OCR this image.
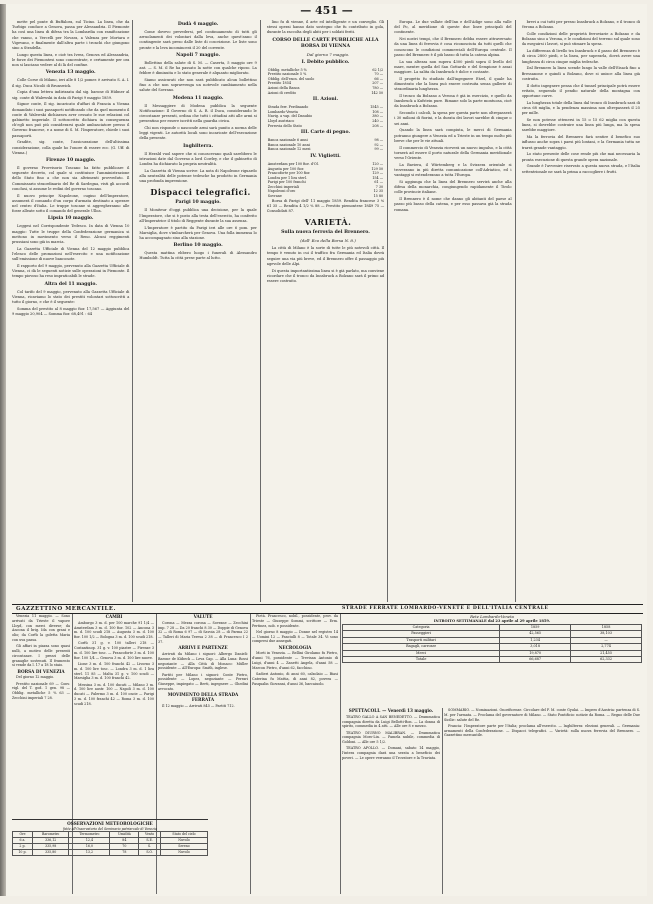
— 451 —

mette pel ponte di Buffalora, sul Ticino. La linea, che da Turbigo conduce a Genova, passa per Alessandria. Il Piemonte ha così una linea di difesa tra la Lombardia con ramificazione che vanno, a Vercelli per Novara, a Valenza per Mortara e Vigevano, e finalmente dall'altra parte i tronchi che giungono sino a Stradella.

Lungo questa linea, e cioè tra Ivrea, Genova ed Alessandria, le forze dei Piemontesi sono concentrate, e certamente per ora non si lasciano vedere al di là del confine.

Venezia 13 maggio.

Colle Corse di Milano, ieri alle 8 1/2 pomer. è arrivato S. A. I. il sig. Duca Nicolò di Brunswick.

Copia d'una lettera indirizzata dal sig. barone di Hübner al sig. conte di Walewski in data di Parigi 9 maggio 1859.

Signor conte, Il sig. incaricato d'affari di Francia a Vienna domandato i suoi passaporti notificando che da quel momento il conte di Walewski dichiarava aver cessato le sue relazioni col gabinetto imperiale. Il sottoscritto dichiara in conseguenza ch'egli non può più considerarsi quale ambasciatore presso il Governo francese, e a nome di S. M. l'Imperatore, chiede i suoi passaporti.

Gradite, sig. conte, l'assicurazione dell'altissima considerazione, colla quale ho l'onore di essere ecc. (G. Uff. di Vienna.)

Firenze 10 maggio.

Il governo Provvisorio Toscano ha fatto pubblicare il seguente decreto, col quale si costituisce l'amministrazione dello Stato fino a che non sia altrimenti provveduto. Il Commissario straordinario del Re di Sardegna, visti gli accordi conclusi, si assume le redini del governo toscano.

Il nuovo principe Napoleone, cugino dell'Imperatore, assumerà il comando d'un corpo d'armata destinato a operare nel centro d'Italia. Le truppe toscane si aggregheranno alle forze alleate sotto il comando del generale Ulloa.

Lipsia 10 maggio.

Leggesi nel Corrispondente Tedesco. In data di Vienna 10 maggio: Tutte le truppe della Confederazione germanica si mettono in movimento verso il Reno. Alcuni reggimenti prussiani sono già in marcia.

La Gazzetta Ufficiale di Vienna del 12 maggio pubblica l'elenco delle promozioni nell'esercito e una notificazione sull'emissione di nuove banconote.

Il rapporto del 9 maggio, pervenuto alla Gazzetta Ufficiale di Vienna, ci dà le seguenti notizie sulle operazioni in Piemonte. Il tempo piovoso ha reso impraticabili le strade.

Altra del 11 maggio.

Col tarifo del 9 maggio, pervenuto alla Gazzetta Ufficiale di Vienna, ricaviamo lo stato dei prestiti volontari sottoscritti a tutto il giorno, e che è il seguente:

Somma del prestito al 8 maggio fior. 17,567 — Aggiunta del 9 maggio 20,904 — Somma fior. 68,491 : 64

Dudà 4 maggio.

Come dovevo prevedersi, pel continuamento di tutti gli arruolamenti dei volontari dalla leva, anche quest'anno il contingente sarà preso dalle liste di coscrizione. Le liste sono pronte e la leva incomincerà il 20 del corrente.

Napoli 7 maggio.

Bollettino della salute di S. M. — Caserta, 5 maggio ore 9 ant. — S. M. il Re ha passato la notte con qualche riposo. La febbre è diminuita e lo stato generale è alquanto migliorato.

Siamo assicurati che non sarà pubblicato alcun bollettino fino a che non sopravvenga un notevole cambiamento nella salute del Sovrano.

Modena 11 maggio.

Il Messaggiere di Modena pubblica la seguente Notificazione: Il Governo di S. A. R. il Duca, considerando le circostanze presenti, ordina che tutti i cittadini atti alle armi si presentino per essere iscritti nella guardia civica.

Chi non risponde o nasconde armi sarà punito a norma delle leggi vigenti. Le autorità locali sono incaricate dell'esecuzione della presente.

Inghilterra.

Il Herald vuol sapere che si conoscevano quali sarebbero le istruzioni date dal Governo a lord Cowley, e che il gabinetto di Londra ha dichiarato la propria neutralità.

La Gazzetta di Vienna scrive: La nota di Napoleone riguardo alla neutralità delle potenze tedesche ha prodotto in Germania una profonda impressione.

Dispacci telegrafici.

Parigi 10 maggio.

Il Moniteur d'oggi pubblica una decisione, per la quale l'Imperatore, che si è posto alla testa dell'esercito, ha conferito all'Imperatrice il titolo di Reggente durante la sua assenza.

L'Imperatore è partito da Parigi ieri alle ore 6 pom. per Marsiglia, dove s'imbarcherà per Genova. Una folla immensa lo ha accompagnato sino alla stazione.

Berlino 10 maggio.

Questa mattina ebbero luogo i funerali di Alessandro Humboldt. Tutta la città prese parte al lutto.

lino fu di vienne, il arte ed intelligente e un conveglio. Gli stessi operai hanno dato sostegno che fu contributo in gola, durante la raccolta degli abiti per i soldati feriti.

CORSO DELLE CARTE PUBBLICHE ALLA BORSA DI VIENNA

Dal giorno 7 maggio.

I. Debito pubblico.

Obblig. metalliche 5 %	62 1/2
Prestito nazionale 5 %	70 —
Obblig. dell'eson. del suolo	66 —
Prestito 1854	207 —
Azioni della Banca	780 —
Azioni di credito	142 50

II. Azioni.

Strada ferr. Ferdinando	1545 —
Lombardo-Veneta	108 —
Navig. a vap. del Danubio	380 —
Lloyd austriaco	240 —
Ferrovia dello Stato	208 —

III. Carte di pegno.

Banca nazionale 6 anni	98 —
Banca nazionale 10 anni	92 —
Banca nazionale 12 mesi	99 —

IV. Viglietti.

Amsterdam per 100 fior. d'Ol.	120 —
Augusta per 100 fior.	129 50
Francoforte per 100 fior.	129 —
Londra per 1 lira sterl.	154 —
Parigi per 100 franchi	61 —
Zecchini imperiali	7 30
Napoleoni d'oro	12 35
Sovrane	15 80

Borsa di Parigi dell' 11 maggio 1859. Rendita francese 3 % 61 35 — Rendita 4 1/2 % 88 — Prestito piemontese 1849 75 — Consolidati 87.

VARIETÀ.

Sulla nuova ferrovia del Brennero.

(dall' Eco della Borsa N. 8.)

La città di Milano è la sorte di tutte le più notevoli città. Il tempo è venuto in cui il traffico fra Germania ed Italia dovrà seguire una via più breve, ed il Brennero offre il passaggio più agevole delle Alpi.

Di questa importantissima linea si è già parlato, ma conviene ricordare che il tronco da Innsbruck a Bolzano sarà il primo ad essere costruito.

Europa. Le due vallate dell'Inn e dell'Adige sono alla valle del Po, al meridione di queste due linee principali del continente.

Nei nostri tempi, che il Brennero debba essere attraversato da una linea di ferrovia è cosa riconosciuta da tutti quelli che conoscono le condizioni commerciali dell'Europa centrale. Il passo del Brennero è il più basso di tutta la catena alpina.

La sua altezza non supera 4300 piedi sopra il livello del mare, mentre quella del San Gottardo e del Sempione è assai maggiore. La salita da Innsbruck è dolce e costante.

Il progetto fu studiato dall'ingegnere Etzel, il quale ha dimostrato che la linea può essere costruita senza gallerie di straordinaria lunghezza.

Il tronco da Bolzano a Verona è già in esercizio, e quello da Innsbruck a Kufstein pure. Rimane solo la parte montuosa, cioè da Innsbruck a Bolzano.

Secondo i calcoli, la spesa per questa parte non oltrepasserà i 30 milioni di fiorini, e la durata dei lavori sarebbe di cinque o sei anni.

Quando la linea sarà compiuta, le merci di Germania potranno giungere a Venezia ed a Trieste in un tempo molto più breve che per le vie attuali.

Il commercio di Venezia riceverà un nuovo impulso, e la città tornerà ad essere il porto naturale della Germania meridionale verso l'Oriente.

La Baviera, il Würtemberg e la Svizzera orientale si troveranno in più diretta comunicazione coll'Adriatico, ed i vantaggi si estenderanno a tutta l'Europa.

Si aggiunga che la linea del Brennero servirà anche alla difesa della monarchia, congiungendo rapidamente il Tirolo colle provincie italiane.

Il Brennero è il nome che danno gli abitanti del paese al passo più basso della catena, e per esso passava già la strada romana.

brevi a cui tutti per presso Innsbruck a Bolzano, e il tronco di Verona a Bolzano.

Colle condizioni delle proprietà ferroviarie a Bolzano e da Bolzano sino a Verona, e le condizioni del terreno sul quale sono da eseguirsi i lavori, si può stimare la spesa.

La differenza di livello tra Innsbruck e il passo del Brennero è di circa 2800 piedi, e la linea, per superarla, dovrà avere una lunghezza di circa cinque miglia tedesche.

Dal Brennero la linea scende lungo la valle dell'Eisack fino a Bressanone e quindi a Bolzano, dove si unisce alla linea già costruita.

Il dotto ingegnere pensa che il tunnel principale potrà essere evitato, seguendo il pendio naturale della montagna con opportune curve.

La lunghezza totale della linea dal tronco di Innsbruck sarà di circa 68 miglia, e la pendenza massima non oltrepasserà il 25 per mille.

Se non potesse ottenersi in 15 o 15 62 miglia con questa linea, si dovrebbe costruire una linea più lunga, ma la spesa sarebbe maggiore.

Ma la ferrovia del Brennero farà sentire il benefico suo influsso anche sopra i paesi più lontani, e la Germania tutta ne trarrà grande vantaggio.

Lo stato presente delle cose rende più che mai necessaria la pronta esecuzione di questa grande opera nazionale.

Grande è l'avvenire riservato a questa nuova strada, e l'Italia settentrionale ne sarà la prima a raccogliere i frutti.

GAZZETTINO MERCANTILE.	STRADE FERRATE LOMBARDO-VENETE E DELL'ITALIA CENTRALE

Venezia 11 maggio. — Sono arrivati da Trieste il vapore Lloyd, con merci diverse; da Ancona il brig. Ida con grani e olio; da Corfù la goletta Maria con uva passa.

Gli affari in piazza sono quasi nulli, a motivo delle presenti circostanze. I prezzi delle granaglie sostenuti. Il frumento si vende da l. 17 a 18 lo staio.

BORSA DI VENEZIA

Del giorno 12 maggio.

Prestito nazionale 69 — Conv. vigl. del T. god. 1 gen. 98 — Obblig. metalliche 5 % 63 — Zecchini imperiali 7 28.

CAMBI

Amburgo 3 m. d. per 100 marche 91 1/4 — Amsterdam 3 m. d. 100 fior. 102 — Ancona 3 m. d. 100 scudi 218 — Augusta 3 m. d. 100 fior. 100 1/2 — Bologna 3 m. d. 100 scudi 218.

Corfù 31 g. v. 100 talleri 218 — Costantinop. 31 g. v. 100 piastre — Firenze 3 m. d. 100 lire tosc. — Francoforte 3 m. d. 100 fior. 100 1/4 — Genova 3 m. d. 100 lire nuove.

Lione 3 m. d. 100 franchi 42 — Livorno 3 m. d. 100 lire tosc. — Londra 3 m. d. 1 lira sterl. 11 85 — Malta 31 g. v. 100 scudi — Marsiglia 3 m. d. 100 franchi 42.

Messina 3 m. d. 100 ducati — Milano 3 m. d. 100 lire austr. 100 — Napoli 3 m. d. 100 ducati — Palermo 3 m. d. 100 oncie — Parigi 3 m. d. 100 franchi 42 — Roma 3 m. d. 100 scudi 218.

VALUTE

Corona — Mezza corona — Sovrane — Zecchini imp. 7 28 — Da 20 franchi 8 30 — Doppie di Genova 32 — di Roma 6 97 — di Savoia 28 — di Parma 22 — Talleri di Maria Teresa 2 38 — di Francesco I 2 37.

ARRIVI E PARTENZE

Arrivati da Milano i signori: Albergo Danieli: Barone de Kübeck — Leva Cap. — Alla Luna: Rossi negoziante — Alla Città di Monaco: Müller possidente — All'Europa: Smith, inglese.

Partiti per Milano i signori: Conte Pietro, possidente — Lopez, negoziante — Ferrari Giuseppe, impiegato — Berti, ingegnere — Ghedini avvocato.

MOVIMENTO DELLA STRADA FERRATA

Il 12 maggio — Arrivati 845 — Partiti 712.

Pietà. Francesco, nobil., possidente, prov. da Trieste — Giuseppe Sommi, scrittore — Erm. Pertinez, nob. e possidente.

Nel giorno 8 maggio — Donne nel registro 14 — Uomini 12 — Fanciulli 8 — Totale 34. Vi sono compresi due annegati.

NECROLOGIA

Morti in Venezia. — Bellini Girolamo fu Pietro, d'anni 76, possidente — Trevisan Antonio di Luigi, d'anni 4 — Zanetti Angela, d'anni 58 — Marcon Pietro, d'anni 62, facchino.

Sadieri Antonio, di anni 60, calzolaio — Biasi Caterina fu Mattia, di anni 82, povera — Pasqualin Giovanni, d'anni 36, barcaiuolo.

Rete Lombardo-Veneta
INTROITO SETTIMANALE dal 23 aprile al 29 aprile 1859.
Categoria	1859	1858
Passeggieri	42,565	38,103
Trasporti militari	1,234	—
Bagagli, carrozze	3,018	2,774
Merci	19,870	21,455
Totale	66,687	62,332

SPETTACOLI. — Venerdì 13 maggio.

TEATRO GALLO A SAN BENEDETTO. — Drammatica compagnia diretta da Luigi Bellotti-Bon. — La donna di spirito, commedia in 4 atti. — Alle ore 8 e mezzo.

TEATRO DIURNO MALIBRAN. — Drammatica compagnia Moro-Lin. — Pamela nubile, commedia di Goldoni. — Alle ore 5 1/2.

TEATRO APOLLO. — Domani, sabato 14 maggio, l'intera compagnia darà una serata a beneficio dei poveri. — Le opere verranno il Trovatore e la Traviata.

SOMMARIO. — Nominazioni. Onorificenze. Circolare del F. M. conte Gyulai. — Impero d'Austria: partenza di S. M. per l'armata. — Proclama del governatore di Milano. — Stato Pontificio: notizie da Roma. — Regno delle Due Sicilie: salute del Re.

Francia: l'Imperatore parte per l'Italia; proclama all'esercito. — Inghilterra: elezioni generali. — Germania: armamenti della Confederazione. — Dispacci telegrafici. — Varietà: sulla nuova ferrovia del Brennero. — Gazzettino mercantile.

OSSERVAZIONI METEOROLOGICHE
fatte all'Osservatorio del Seminario patriarcale di Venezia
Ore	Barometro	Termometro	Umidità	Vento	Stato del cielo
6 a.	336,12	12,4	84	S.E.	Nuvolo
2 p.	335,98	16,0	70	S.	Sereno
10 p.	335,80	13,2	78	S.O.	Nuvolo
